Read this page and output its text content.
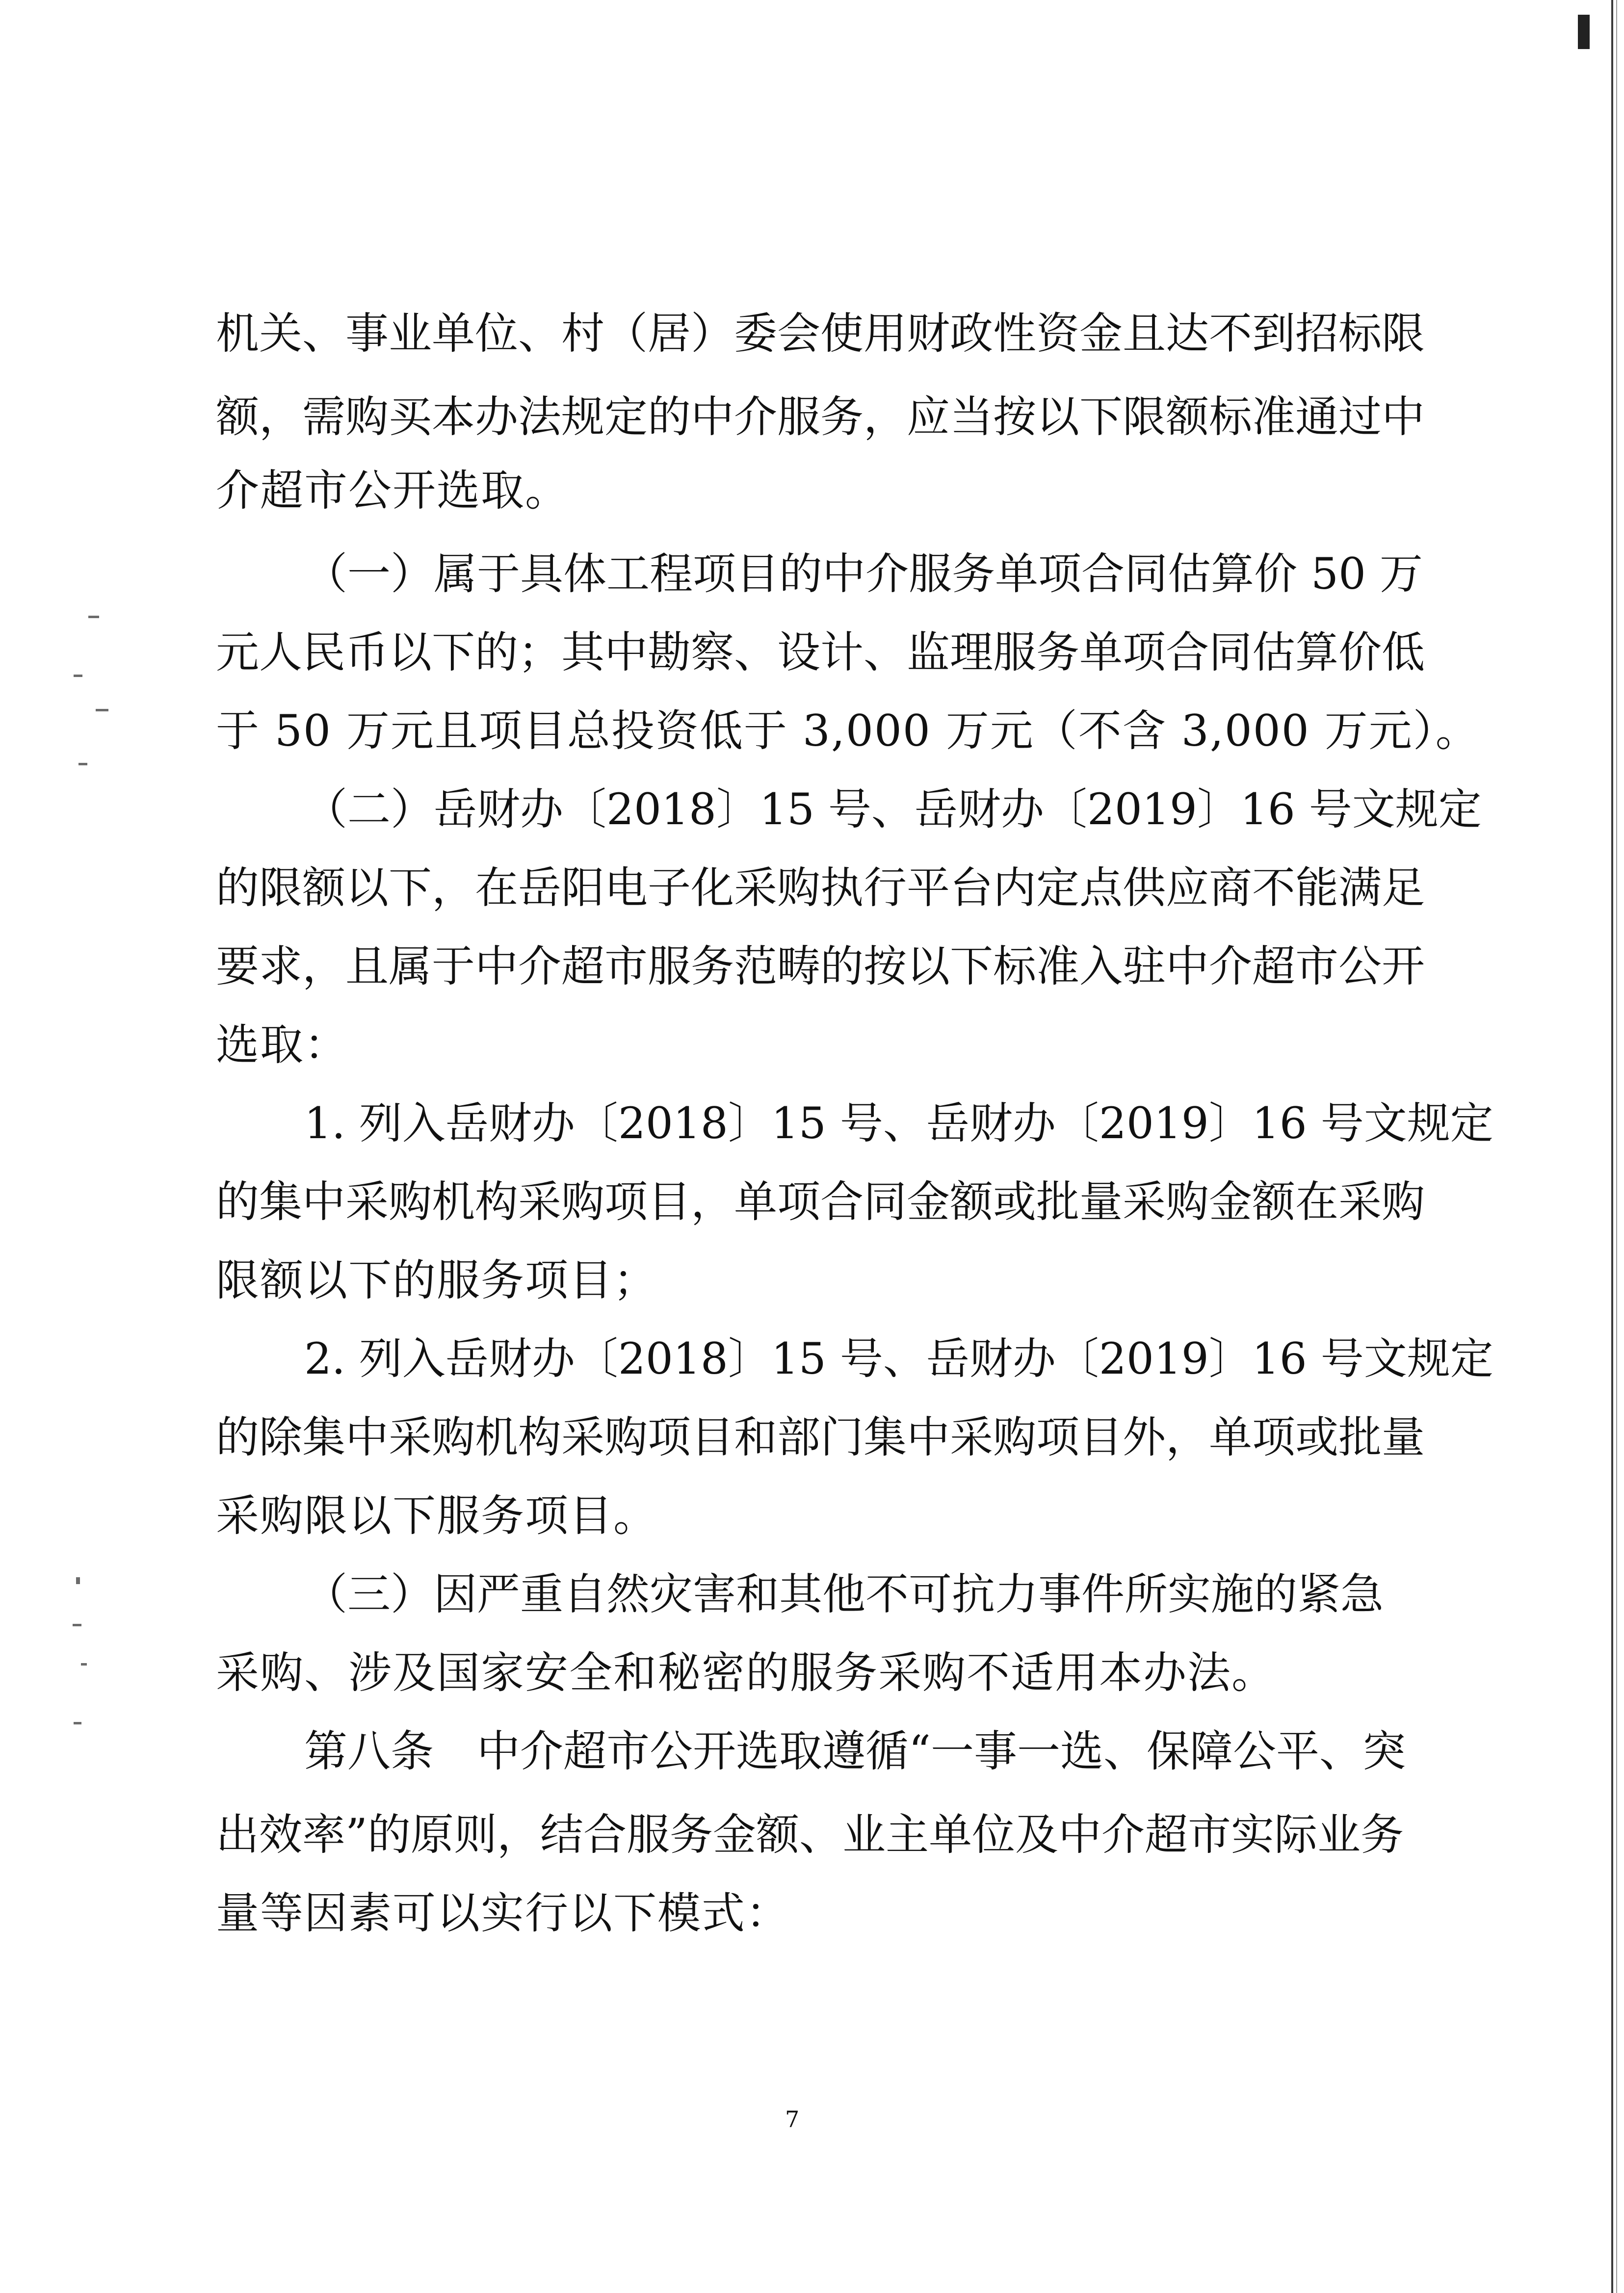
机关、事业单位、村（居）委会使用财政性资金且达不到招标限
额，需购买本办法规定的中介服务，应当按以下限额标准通过中
介超市公开选取。
（一）属于具体工程项目的中介服务单项合同估算价 50 万
元人民币以下的；其中勘察、设计、监理服务单项合同估算价低
于 50 万元且项目总投资低于 3,000 万元（不含 3,000 万元）。
（二）岳财办〔2018〕15 号、岳财办〔2019〕16 号文规定
的限额以下，在岳阳电子化采购执行平台内定点供应商不能满足
要求，且属于中介超市服务范畴的按以下标准入驻中介超市公开
选取：
1. 列入岳财办〔2018〕15 号、岳财办〔2019〕16 号文规定
的集中采购机构采购项目，单项合同金额或批量采购金额在采购
限额以下的服务项目；
2. 列入岳财办〔2018〕15 号、岳财办〔2019〕16 号文规定
的除集中采购机构采购项目和部门集中采购项目外，单项或批量
采购限以下服务项目。
（三）因严重自然灾害和其他不可抗力事件所实施的紧急
采购、涉及国家安全和秘密的服务采购不适用本办法。
第八条　中介超市公开选取遵循“一事一选、保障公平、突
出效率”的原则，结合服务金额、业主单位及中介超市实际业务
量等因素可以实行以下模式：
7
